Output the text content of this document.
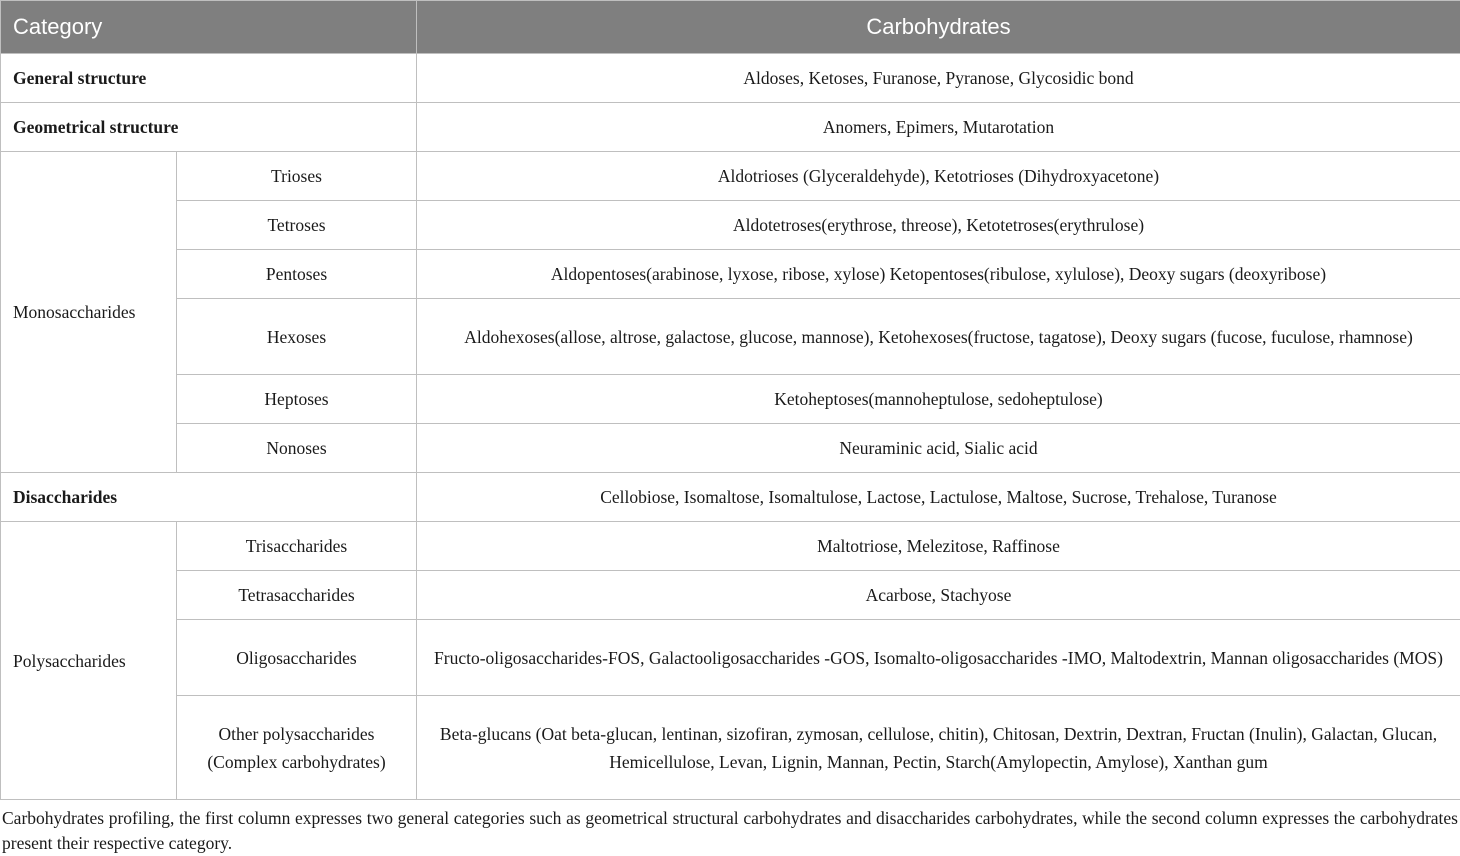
Category		Carbohydrates
General structure		Aldoses, Ketoses, Furanose, Pyranose, Glycosidic bond
Geometrical structure		Anomers, Epimers, Mutarotation
Monosaccharides	Trioses	Aldotrioses (Glyceraldehyde), Ketotrioses (Dihydroxyacetone)
	Tetroses	Aldotetroses(erythrose, threose), Ketotetroses(erythrulose)
	Pentoses	Aldopentoses(arabinose, lyxose, ribose, xylose) Ketopentoses(ribulose, xylulose), Deoxy sugars (deoxyribose)
	Hexoses	Aldohexoses(allose, altrose, galactose, glucose, mannose), Ketohexoses(fructose, tagatose), Deoxy sugars (fucose, fuculose, rhamnose)
	Heptoses	Ketoheptoses(mannoheptulose, sedoheptulose)
	Nonoses	Neuraminic acid, Sialic acid
Disaccharides		Cellobiose, Isomaltose, Isomaltulose, Lactose, Lactulose, Maltose, Sucrose, Trehalose, Turanose
Polysaccharides	Trisaccharides	Maltotriose, Melezitose, Raffinose
	Tetrasaccharides	Acarbose, Stachyose
	Oligosaccharides	Fructo-oligosaccharides-FOS, Galactooligosaccharides -GOS, Isomalto-oligosaccharides -IMO, Maltodextrin, Mannan oligosaccharides (MOS)
	Other polysaccharides (Complex carbohydrates)	Beta-glucans (Oat beta-glucan, lentinan, sizofiran, zymosan, cellulose, chitin), Chitosan, Dextrin, Dextran, Fructan (Inulin), Galactan, Glucan, Hemicellulose, Levan, Lignin, Mannan, Pectin, Starch(Amylopectin, Amylose), Xanthan gum
Carbohydrates profiling, the first column expresses two general categories such as geometrical structural carbohydrates and disaccharides carbohydrates, while the second column expresses the carbohydrates present their respective category.
